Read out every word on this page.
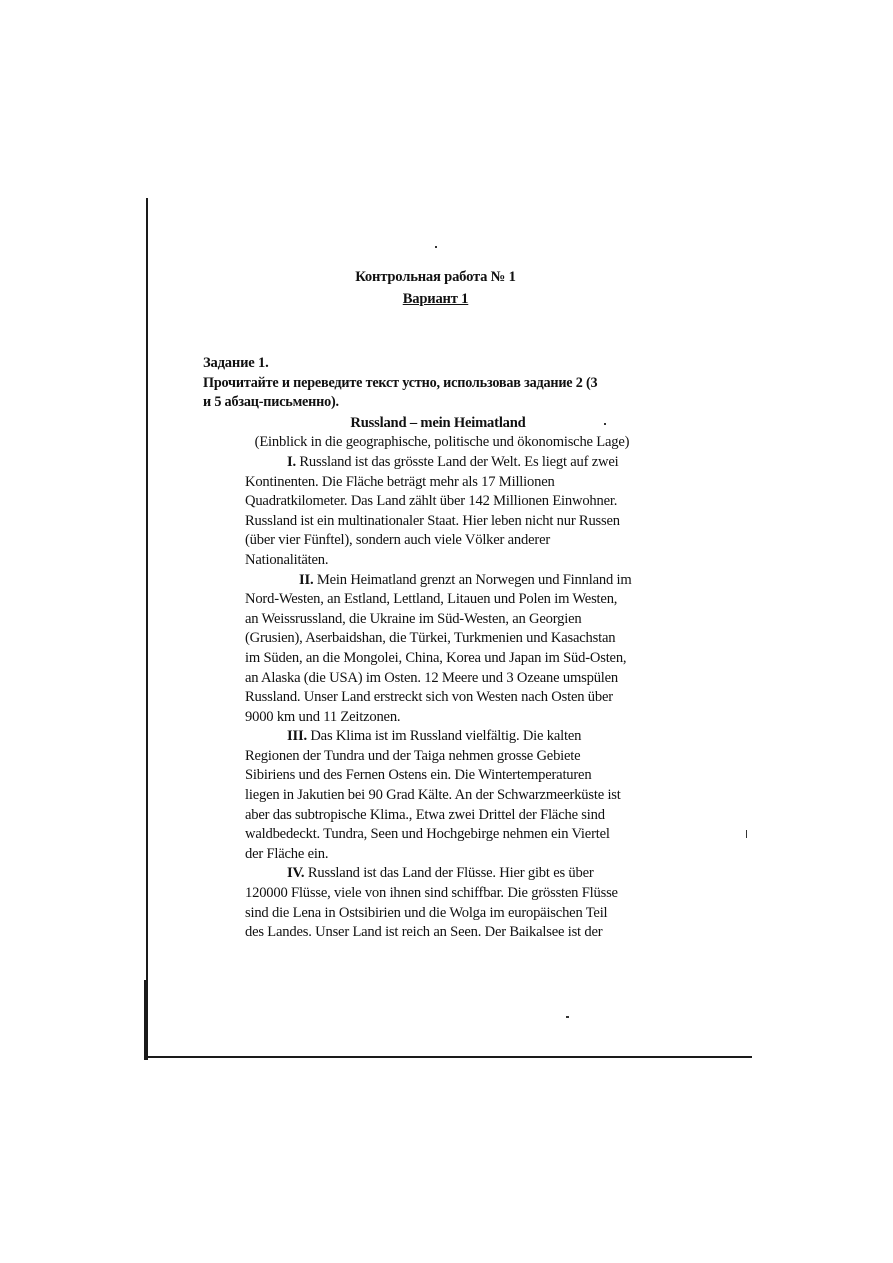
Контрольная работа № 1
Вариант 1
Задание 1.
Прочитайте и переведите текст устно, использовав задание 2 (3
и 5 абзац-письменно).
Russland – mein Heimatland
(Einblick in die geographische, politische und ökonomische Lage)
I. Russland ist das grösste Land der Welt. Es liegt auf zwei
Kontinenten. Die Fläche beträgt mehr als 17 Millionen
Quadratkilometer. Das Land zählt über 142 Millionen Einwohner.
Russland ist ein multinationaler Staat. Hier leben nicht nur Russen
(über vier Fünftel), sondern auch viele Völker anderer
Nationalitäten.
II. Mein Heimatland grenzt an Norwegen und Finnland im
Nord-Westen, an Estland, Lettland, Litauen und Polen im Westen,
an Weissrussland, die Ukraine im Süd-Westen, an Georgien
(Grusien), Aserbaidshan, die Türkei, Turkmenien und Kasachstan
im Süden, an die Mongolei, China, Korea und Japan im Süd-Osten,
an Alaska (die USA) im Osten. 12 Meere und 3 Ozeane umspülen
Russland. Unser Land erstreckt sich von Westen nach Osten über
9000 km und 11 Zeitzonen.
III. Das Klima ist im Russland vielfältig. Die kalten
Regionen der Tundra und der Taiga nehmen grosse Gebiete
Sibiriens und des Fernen Ostens ein. Die Wintertemperaturen
liegen in Jakutien bei 90 Grad Kälte. An der Schwarzmeerküste ist
aber das subtropische Klima., Etwa zwei Drittel der Fläche sind
waldbedeckt. Tundra, Seen und Hochgebirge nehmen ein Viertel
der Fläche ein.
IV. Russland ist das Land der Flüsse. Hier gibt es über
120000 Flüsse, viele von ihnen sind schiffbar. Die grössten Flüsse
sind die Lena in Ostsibirien und die Wolga im europäischen Teil
des Landes. Unser Land ist reich an Seen. Der Baikalsee ist der
